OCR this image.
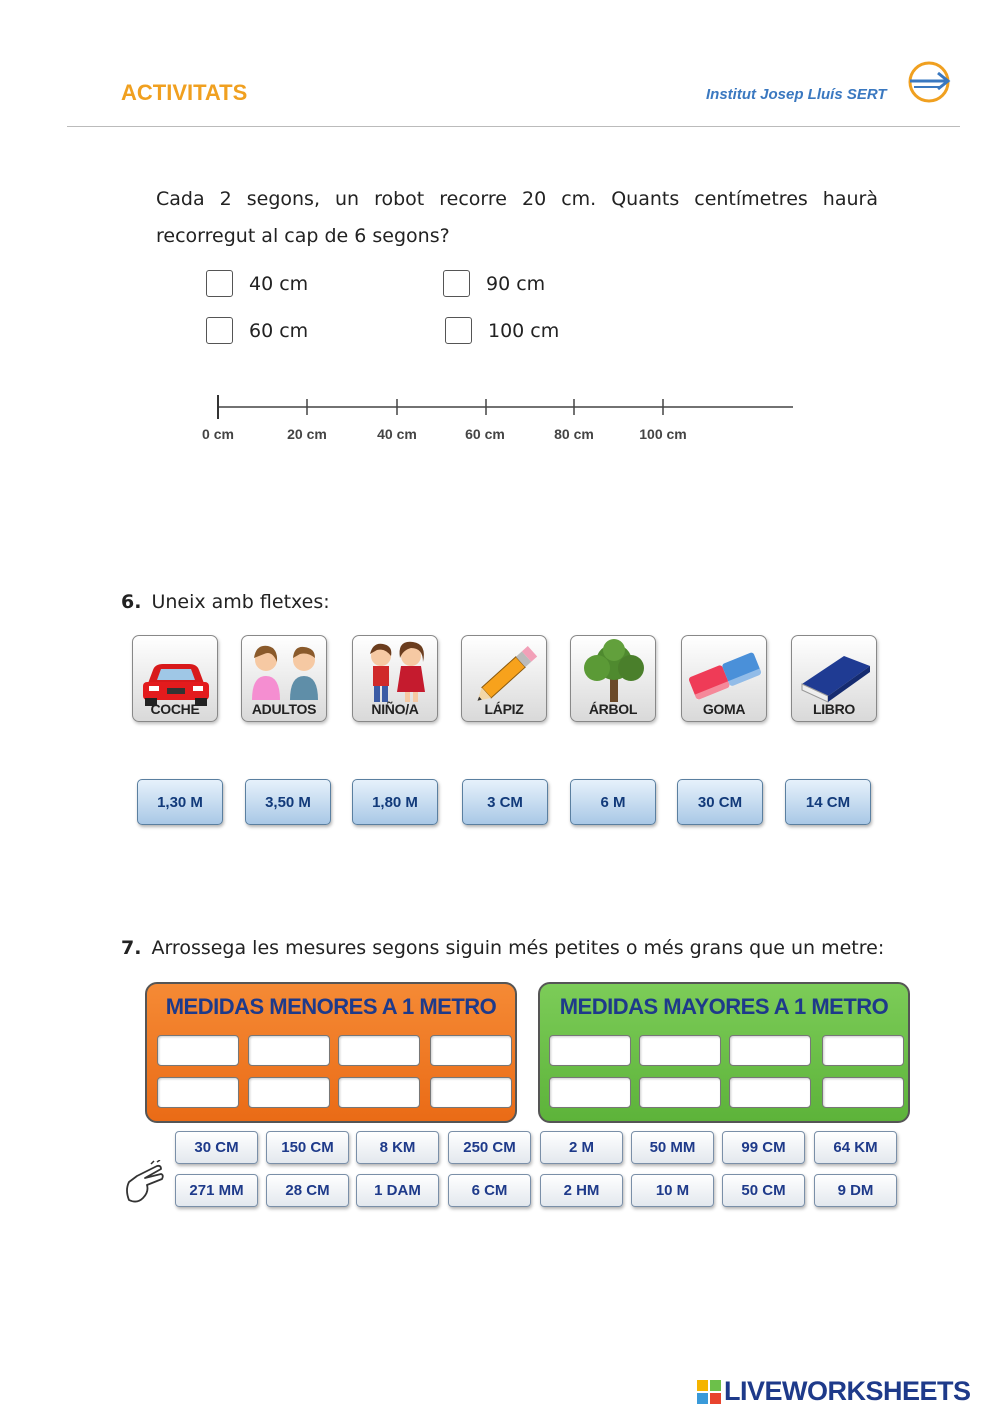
ACTIVITATS	Institut Josep Lluís SERT
Cada 2 segons, un robot recorre 20 cm. Quants centímetres haurà recorregut al cap de 6 segons?
40 cm	90 cm
60 cm	100 cm
0 cm	20 cm	40 cm	60 cm	80 cm	100 cm
6. Uneix amb fletxes:
COCHE	ADULTOS	NIÑO/A	LÁPIZ	ÁRBOL	GOMA	LIBRO
1,30 M	3,50 M	1,80 M	3 CM	6 M	30 CM	14 CM
7. Arrossega les mesures segons siguin més petites o més grans que un metre:
MEDIDAS MENORES A 1 METRO	MEDIDAS MAYORES A 1 METRO
30 CM	150 CM	8 KM	250 CM	2 M	50 MM	99 CM	64 KM
271 MM	28 CM	1 DAM	6 CM	2 HM	10 M	50 CM	9 DM
LIVEWORKSHEETS
